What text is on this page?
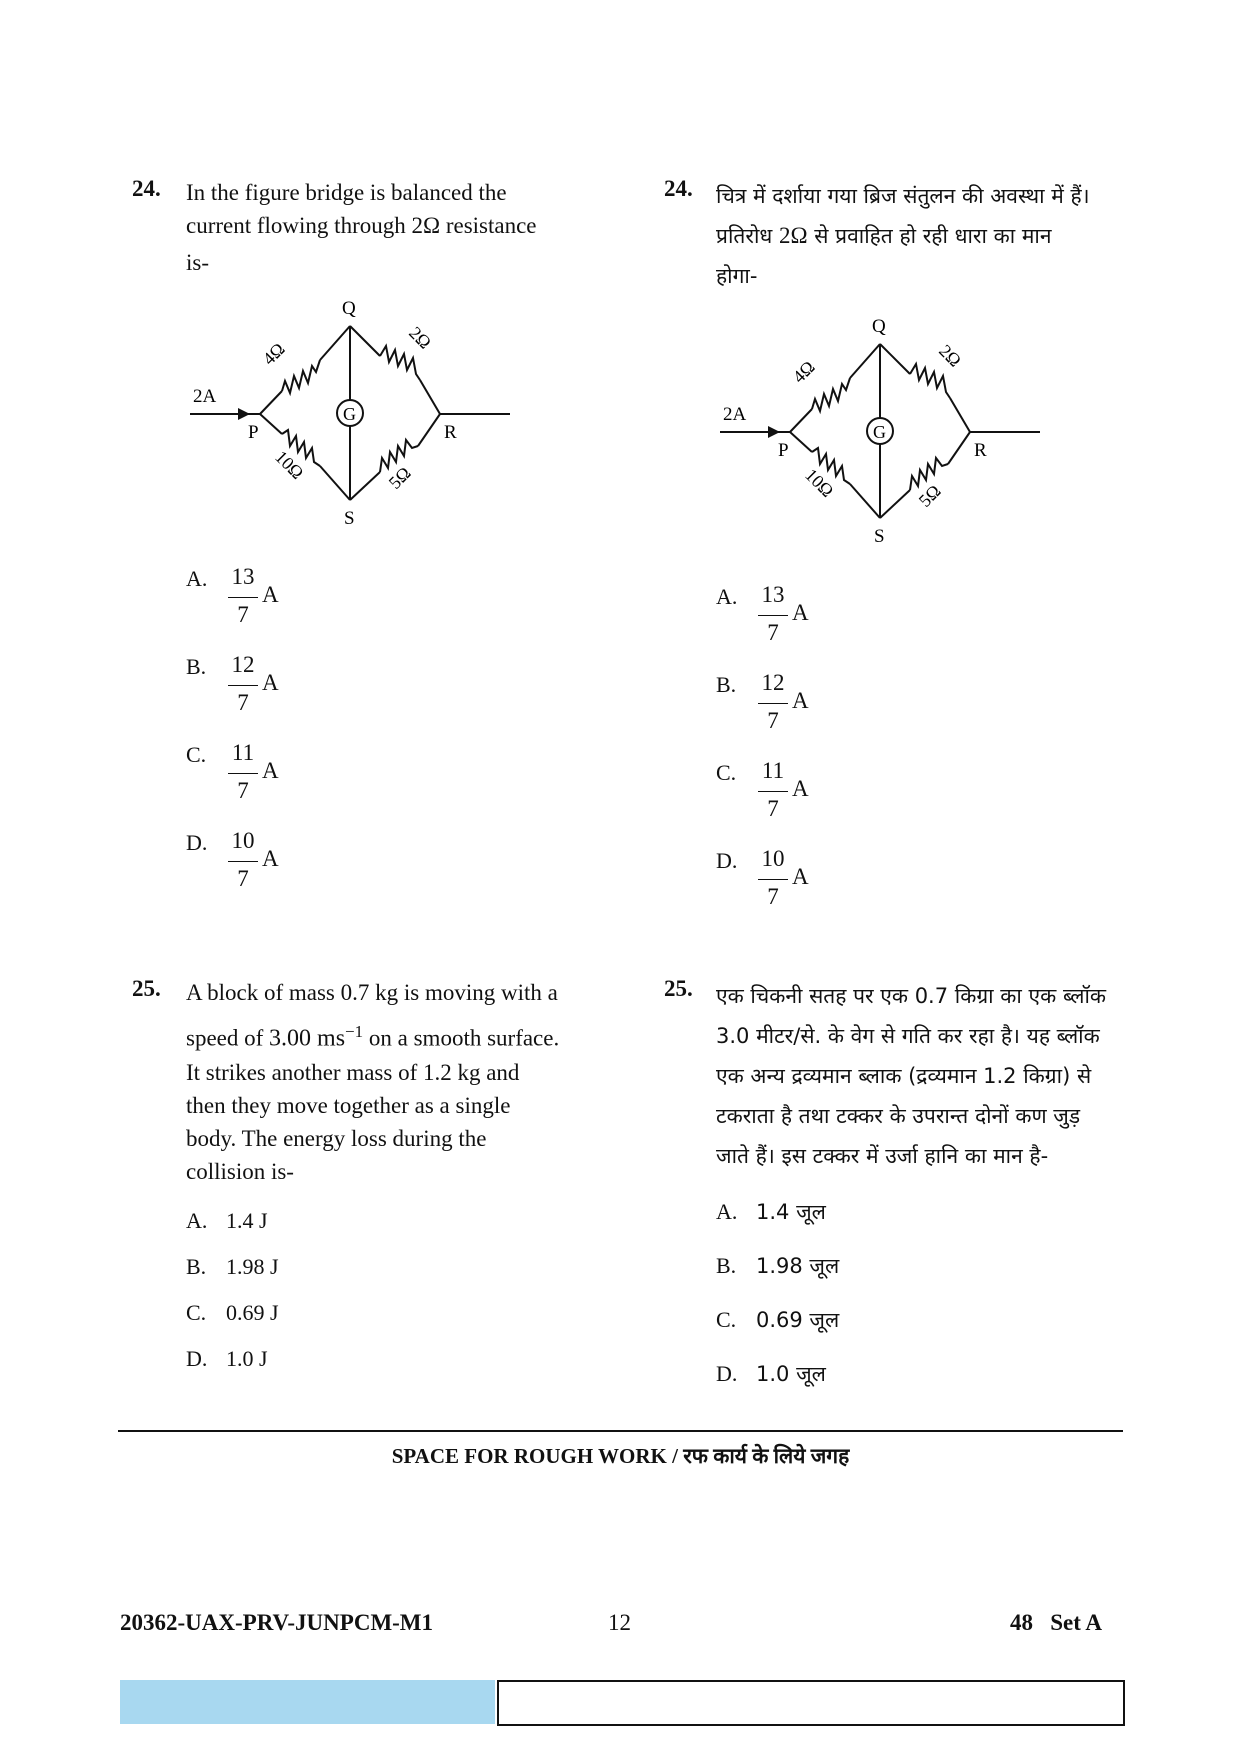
24. In the figure bridge is balanced the
current flowing through 2Ω resistance
is-
2A
Q
P	R
S
G
4Ω
2Ω
10Ω	5Ω
A. 13
7
A
B. 12
7
A
C. 11
7
A
D. 10
7
A
24. चित्र में दर्शाया गया ब्रिज संतुलन की अवस्था में हैं।
प्रतिरोध 2Ω से प्रवाहित हो रही धारा का मान
होगा-
2A
Q
P	R
S
G
4Ω
2Ω
10Ω	5Ω
A. 13
7
A
B. 12
7
A
C. 11
7
A
D. 10
7
A
25. A block of mass 0.7 kg is moving with a
speed of 3.00 $ms^{-1}$ on a smooth surface.
It strikes another mass of 1.2 kg and
then they move together as a single
body. The energy loss during the
collision is-
A. 1.4 J
B. 1.98 J
C. 0.69 J
D. 1.0 J
25. एक चिकनी सतह पर एक 0.7 किग्रा का एक ब्लॉक
3.0 मीटर/से. के वेग से गति कर रहा है। यह ब्लॉक
एक अन्य द्रव्यमान ब्लाक (द्रव्यमान 1.2 किग्रा) से
टकराता है तथा टक्कर के उपरान्त दोनों कण जुड़
जाते हैं। इस टक्कर में उर्जा हानि का मान है-
A. 1.4 जूल
B. 1.98 जूल
C. 0.69 जूल
D. 1.0 जूल
SPACE FOR ROUGH WORK / रफ कार्य के लिये जगह
20362-UAX-PRV-JUNPCM-M1	12	48   Set A
